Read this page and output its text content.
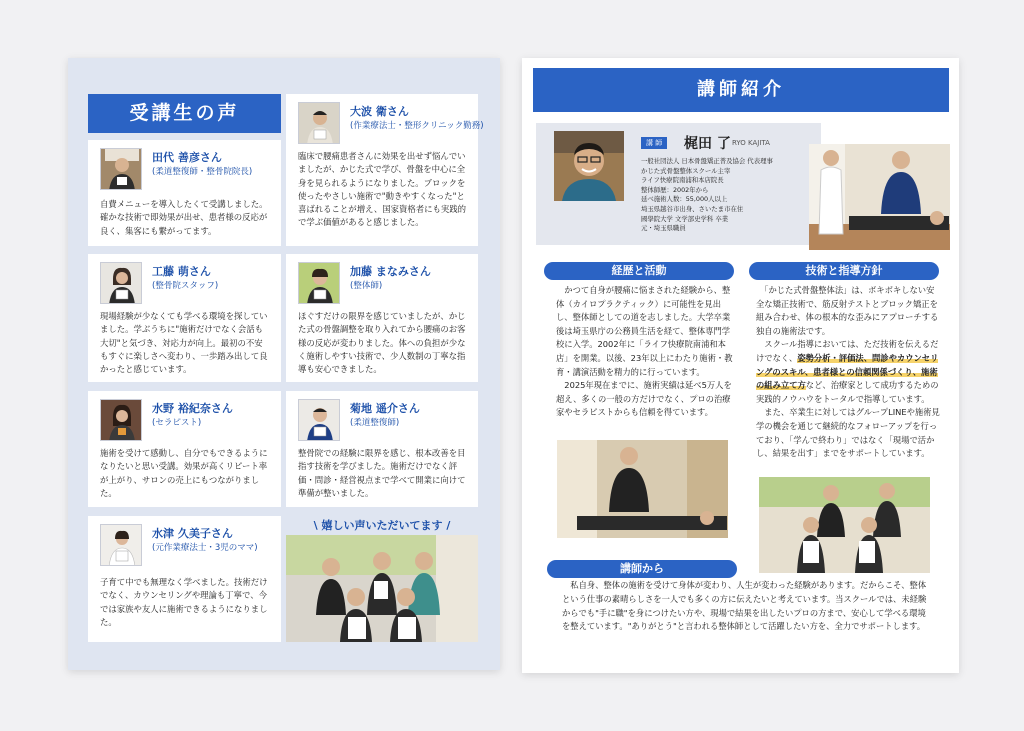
受講生の声
田代 善彦さん
(柔道整復師・整骨院院長)
自費メニューを導入したくて受講しました。確かな技術で即効果が出せ、患者様の反応が良く、集客にも繋がってます。
大波 衛さん
(作業療法士・整形クリニック勤務)
臨床で腰痛患者さんに効果を出せず悩んでいましたが、かじた式で学び、骨盤を中心に全身を見られるようになりました。ブロックを使ったやさしい施術で"動きやすくなった"と喜ばれることが増え、国家資格者にも実践的で学ぶ価値があると感じました。
工藤 萌さん
(整骨院スタッフ)
現場経験が少なくても学べる環境を探していました。学ぶうちに"施術だけでなく会話も大切"と気づき、対応力が向上。最初の不安もすぐに楽しさへ変わり、一歩踏み出して良かったと感じています。
加藤 まなみさん
(整体師)
ほぐすだけの限界を感じていましたが、かじた式の骨盤調整を取り入れてから腰痛のお客様の反応が変わりました。体への負担が少なく施術しやすい技術で、少人数制の丁寧な指導も安心できました。
水野 裕紀奈さん
(セラピスト)
施術を受けて感動し、自分でもできるようになりたいと思い受講。効果が高くリピート率が上がり、サロンの売上にもつながりました。
菊地 遥介さん
(柔道整復師)
整骨院での経験に限界を感じ、根本改善を目指す技術を学びました。施術だけでなく評価・問診・経営視点まで学べて開業に向けて準備が整いました。
水津 久美子さん
(元作業療法士・3児のママ)
子育て中でも無理なく学べました。技術だけでなく、カウンセリングや理論も丁寧で、今では家族や友人に施術できるようになりました。
\ 嬉しい声いただいてます /
講師紹介
講 師	梶田 了 RYO KAJITA
一般社団法人 日本骨盤矯正普及協会 代表理事
かじた式骨盤整体スクール主宰
ライフ快療院南浦和本店院長
整体師歴：2002年から
延べ施術人数：55,000人以上
埼玉県越谷市出身、さいたま市在住
國學院大学 文学部史学科 卒業
元・埼玉県職員
経歴と活動	技術と指導方針
　かつて自身が腰痛に悩まされた経験から、整体（カイロプラクティック）に可能性を見出し、整体師としての道を志しました。大学卒業後は埼玉県庁の公務員生活を経て、整体専門学校に入学。2002年に「ライフ快療院南浦和本店」を開業。以後、23年以上にわたり施術・教育・講演活動を精力的に行っています。
　2025年現在までに、施術実績は延べ5万人を超え、多くの一般の方だけでなく、プロの治療家やセラピストからも信頼を得ています。
　「かじた式骨盤整体法」は、ボキボキしない安全な矯正技術で、筋反射テストとブロック矯正を組み合わせ、体の根本的な歪みにアプローチする独自の施術法です。
　スクール指導においては、ただ技術を伝えるだけでなく、姿勢分析・評価法、問診やカウンセリングのスキル、患者様との信頼関係づくり、施術の組み立て方など、治療家として成功するための実践的ノウハウをトータルで指導しています。
　また、卒業生に対してはグループLINEや施術見学の機会を通じて継続的なフォローアップを行っており、「学んで終わり」ではなく「現場で活かし、結果を出す」までをサポートしています。
講師から
　私自身、整体の施術を受けて身体が変わり、人生が変わった経験があります。だからこそ、整体という仕事の素晴らしさを一人でも多くの方に伝えたいと考えています。当スクールでは、未経験からでも"手に職"を身につけたい方や、現場で結果を出したいプロの方まで、安心して学べる環境を整えています。"ありがとう"と言われる整体師として活躍したい方を、全力でサポートします。
